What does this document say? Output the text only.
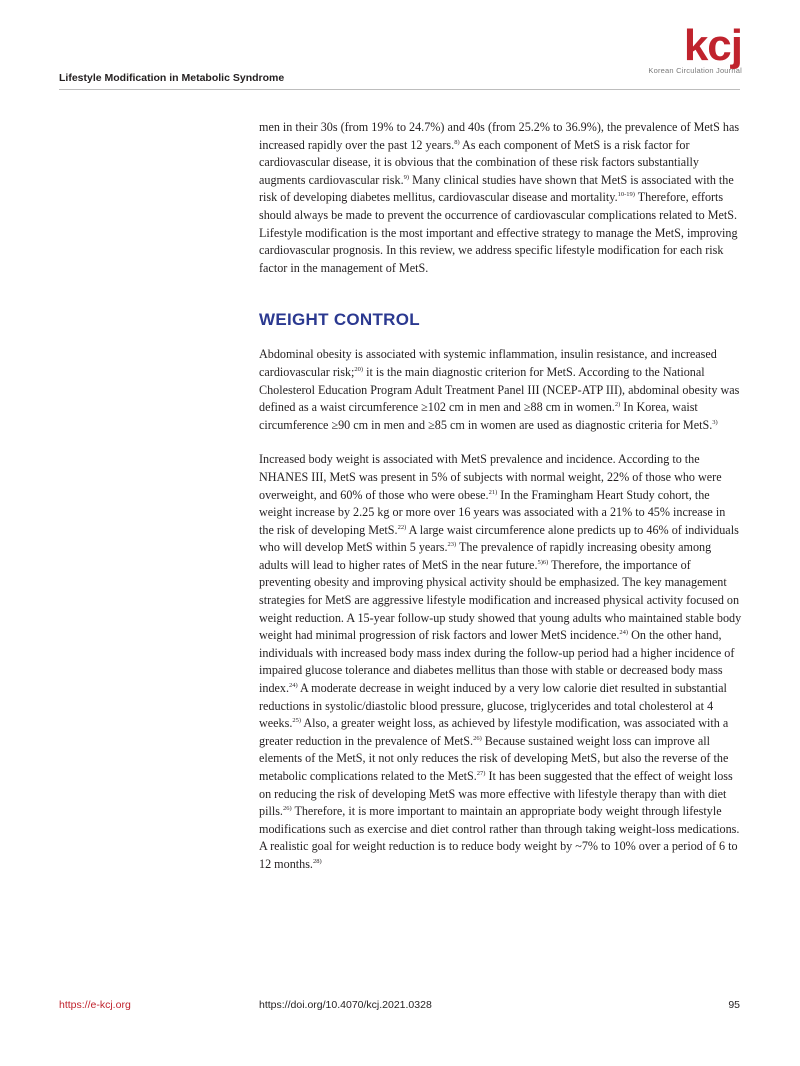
Lifestyle Modification in Metabolic Syndrome
kcj
Korean Circulation Journal

men in their 30s (from 19% to 24.7%) and 40s (from 25.2% to 36.9%), the prevalence of MetS has increased rapidly over the past 12 years.$^{8)}$ As each component of MetS is a risk factor for cardiovascular disease, it is obvious that the combination of these risk factors substantially augments cardiovascular risk.$^{9)}$ Many clinical studies have shown that MetS is associated with the risk of developing diabetes mellitus, cardiovascular disease and mortality.$^{10-19)}$ Therefore, efforts should always be made to prevent the occurrence of cardiovascular complications related to MetS. Lifestyle modification is the most important and effective strategy to manage the MetS, improving cardiovascular prognosis. In this review, we address specific lifestyle modification for each risk factor in the management of MetS.

WEIGHT CONTROL

Abdominal obesity is associated with systemic inflammation, insulin resistance, and increased cardiovascular risk;$^{20)}$ it is the main diagnostic criterion for MetS. According to the National Cholesterol Education Program Adult Treatment Panel III (NCEP-ATP III), abdominal obesity was defined as a waist circumference ≥102 cm in men and ≥88 cm in women.$^{2)}$ In Korea, waist circumference ≥90 cm in men and ≥85 cm in women are used as diagnostic criteria for MetS.$^{3)}$

Increased body weight is associated with MetS prevalence and incidence. According to the NHANES III, MetS was present in 5% of subjects with normal weight, 22% of those who were overweight, and 60% of those who were obese.$^{21)}$ In the Framingham Heart Study cohort, the weight increase by 2.25 kg or more over 16 years was associated with a 21% to 45% increase in the risk of developing MetS.$^{22)}$ A large waist circumference alone predicts up to 46% of individuals who will develop MetS within 5 years.$^{23)}$ The prevalence of rapidly increasing obesity among adults will lead to higher rates of MetS in the near future.$^{5)6)}$ Therefore, the importance of preventing obesity and improving physical activity should be emphasized. The key management strategies for MetS are aggressive lifestyle modification and increased physical activity focused on weight reduction. A 15-year follow-up study showed that young adults who maintained stable body weight had minimal progression of risk factors and lower MetS incidence.$^{24)}$ On the other hand, individuals with increased body mass index during the follow-up period had a higher incidence of impaired glucose tolerance and diabetes mellitus than those with stable or decreased body mass index.$^{24)}$ A moderate decrease in weight induced by a very low calorie diet resulted in substantial reductions in systolic/diastolic blood pressure, glucose, triglycerides and total cholesterol at 4 weeks.$^{25)}$ Also, a greater weight loss, as achieved by lifestyle modification, was associated with a greater reduction in the prevalence of MetS.$^{26)}$ Because sustained weight loss can improve all elements of the MetS, it not only reduces the risk of developing MetS, but also the reverse of the metabolic complications related to the MetS.$^{27)}$ It has been suggested that the effect of weight loss on reducing the risk of developing MetS was more effective with lifestyle therapy than with diet pills.$^{26)}$ Therefore, it is more important to maintain an appropriate body weight through lifestyle modifications such as exercise and diet control rather than through taking weight-loss medications. A realistic goal for weight reduction is to reduce body weight by ~7% to 10% over a period of 6 to 12 months.$^{28)}$

https://e-kcj.org	https://doi.org/10.4070/kcj.2021.0328	95
